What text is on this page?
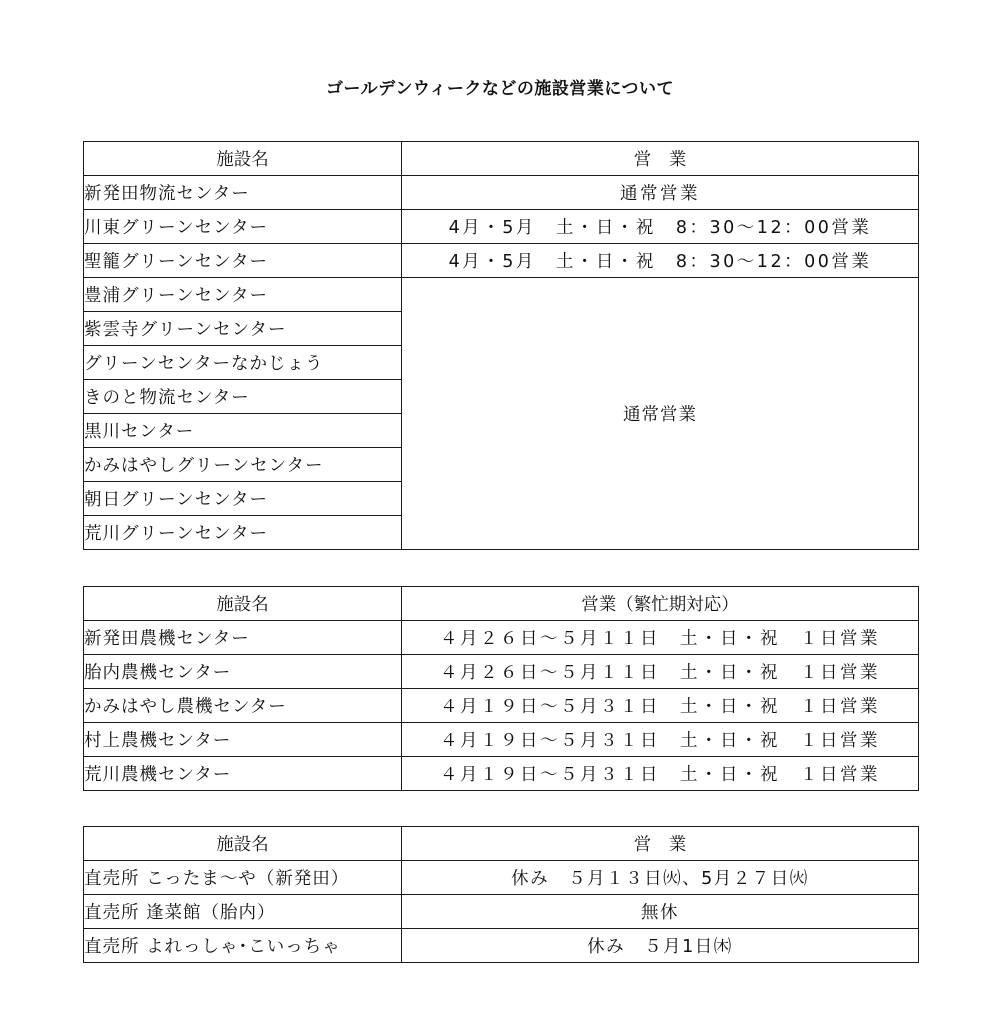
ゴールデンウィークなどの施設営業について
施設名	営　業
新発田物流センター	通常営業
川東グリーンセンター	4月・5月　土・日・祝　8：30～12：00営業
聖籠グリーンセンター	4月・5月　土・日・祝　8：30～12：00営業
豊浦グリーンセンター	通常営業
紫雲寺グリーンセンター	
グリーンセンターなかじょう	
きのと物流センター	
黒川センター	
かみはやしグリーンセンター	
朝日グリーンセンター	
荒川グリーンセンター	
施設名	営業（繁忙期対応）
新発田農機センター	４月２６日～５月１１日　土・日・祝　１日営業
胎内農機センター	４月２６日～５月１１日　土・日・祝　１日営業
かみはやし農機センター	４月１９日～５月３１日　土・日・祝　１日営業
村上農機センター	４月１９日～５月３１日　土・日・祝　１日営業
荒川農機センター	４月１９日～５月３１日　土・日・祝　１日営業
施設名	営　業
直売所 こったま～や（新発田）	休み　５月１３日㈫、5月２７日㈫
直売所 逢菜館（胎内）	無休
直売所 よれっしゃ･こいっちゃ	休み　５月1日㈭
